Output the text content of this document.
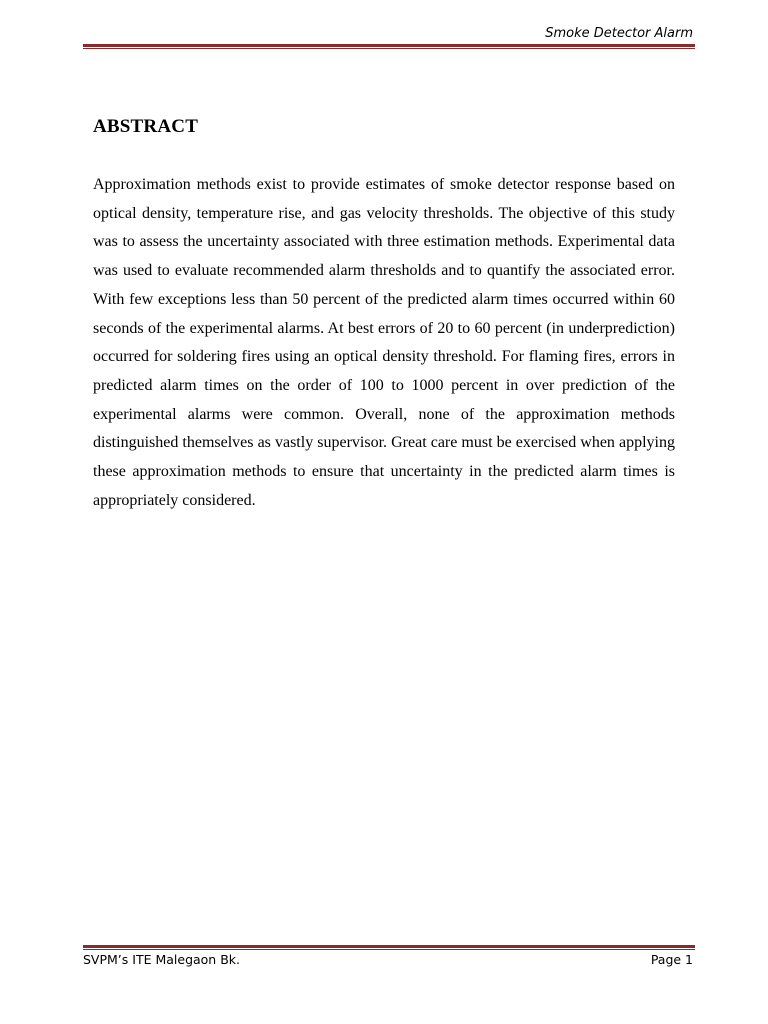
Smoke Detector Alarm
ABSTRACT

Approximation methods exist to provide estimates of smoke detector response based on optical density, temperature rise, and gas velocity thresholds. The objective of this study was to assess the uncertainty associated with three estimation methods. Experimental data was used to evaluate recommended alarm thresholds and to quantify the associated error. With few exceptions less than 50 percent of the predicted alarm times occurred within 60 seconds of the experimental alarms. At best errors of 20 to 60 percent (in underprediction) occurred for soldering fires using an optical density threshold. For flaming fires, errors in predicted alarm times on the order of 100 to 1000 percent in over prediction of the experimental alarms were common. Overall, none of the approximation methods distinguished themselves as vastly supervisor. Great care must be exercised when applying these approximation methods to ensure that uncertainty in the predicted alarm times is appropriately considered.

SVPM’s ITE Malegaon Bk.	Page 1
